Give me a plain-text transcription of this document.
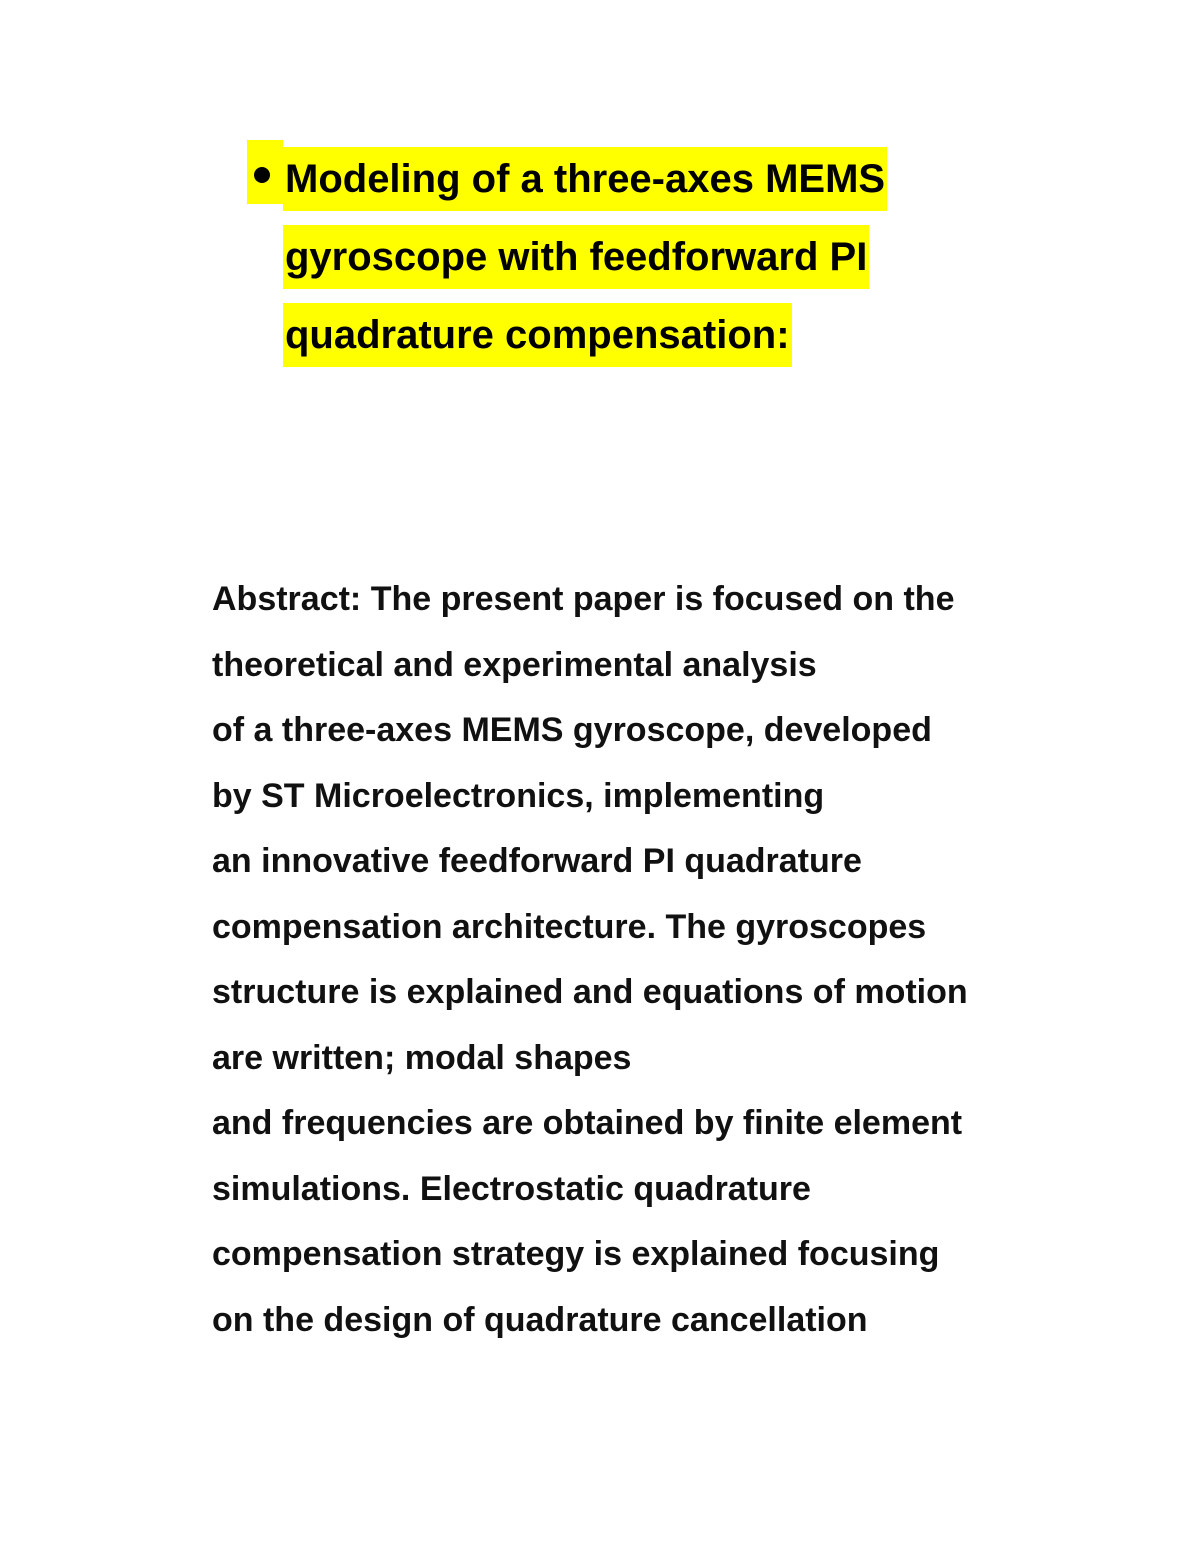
Modeling of a three-axes MEMS
gyroscope with feedforward PI
quadrature compensation:
Abstract: The present paper is focused on the
theoretical and experimental analysis
of a three-axes MEMS gyroscope, developed
by ST Microelectronics, implementing
an innovative feedforward PI quadrature
compensation architecture. The gyroscopes
structure is explained and equations of motion
are written; modal shapes
and frequencies are obtained by finite element
simulations. Electrostatic quadrature
compensation strategy is explained focusing
on the design of quadrature cancellation
